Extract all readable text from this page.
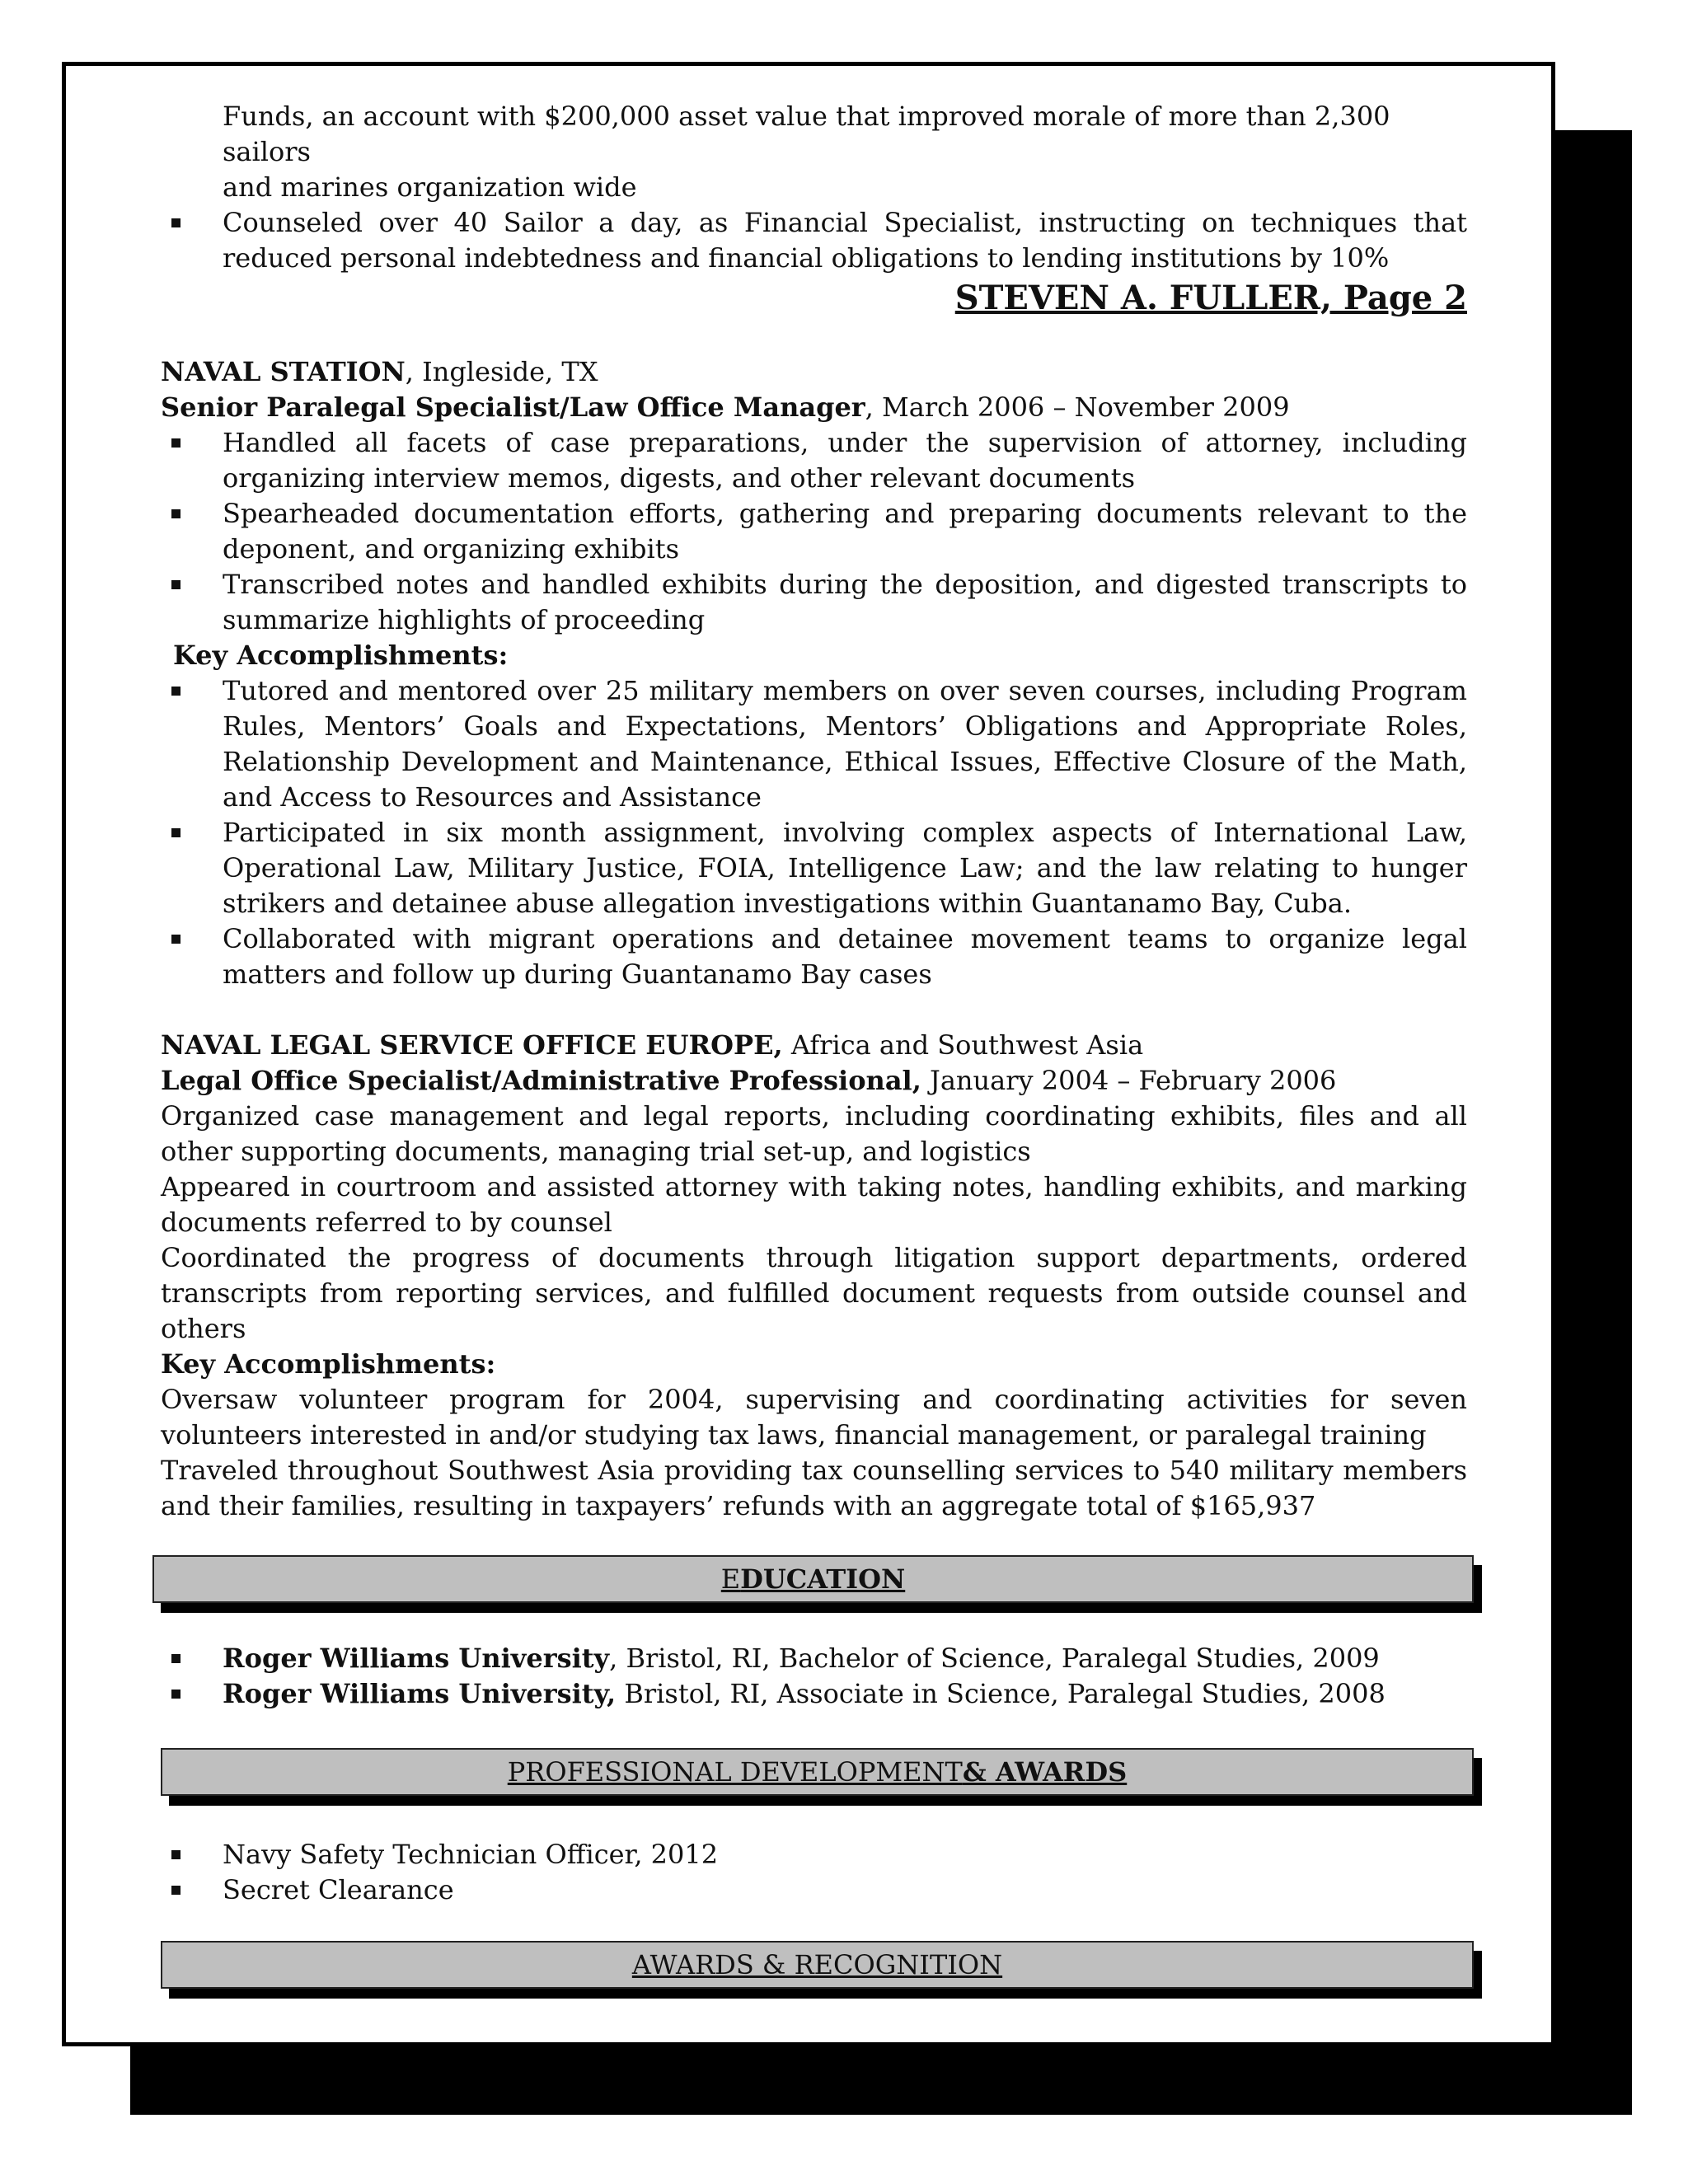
Funds, an account with $200,000 asset value that improved morale of more than 2,300 sailors
and marines organization wide
Counseled over 40 Sailor a day, as Financial Specialist, instructing on techniques that reduced personal indebtedness and financial obligations to lending institutions by 10%
STEVEN A. FULLER, Page 2
NAVAL STATION, Ingleside, TX
Senior Paralegal Specialist/Law Office Manager, March 2006 – November 2009
Handled all facets of case preparations, under the supervision of attorney, including organizing interview memos, digests, and other relevant documents
Spearheaded documentation efforts, gathering and preparing documents relevant to the deponent, and organizing exhibits
Transcribed notes and handled exhibits during the deposition, and digested transcripts to summarize highlights of proceeding
Key Accomplishments:
Tutored and mentored over 25 military members on over seven courses, including Program Rules, Mentors’ Goals and Expectations, Mentors’ Obligations and Appropriate Roles, Relationship Development and Maintenance, Ethical Issues, Effective Closure of the Math, and Access to Resources and Assistance
Participated in six month assignment, involving complex aspects of International Law, Operational Law, Military Justice, FOIA, Intelligence Law; and the law relating to hunger strikers and detainee abuse allegation investigations within Guantanamo Bay, Cuba.
Collaborated with migrant operations and detainee movement teams to organize legal matters and follow up during Guantanamo Bay cases
NAVAL LEGAL SERVICE OFFICE EUROPE, Africa and Southwest Asia
Legal Office Specialist/Administrative Professional, January 2004 – February 2006
Organized case management and legal reports, including coordinating exhibits, files and all other supporting documents, managing trial set-up, and logistics
Appeared in courtroom and assisted attorney with taking notes, handling exhibits, and marking documents referred to by counsel
Coordinated the progress of documents through litigation support departments, ordered transcripts from reporting services, and fulfilled document requests from outside counsel and others
Key Accomplishments:
Oversaw volunteer program for 2004, supervising and coordinating activities for seven volunteers interested in and/or studying tax laws, financial management, or paralegal training
Traveled throughout Southwest Asia providing tax counselling services to 540 military members and their families, resulting in taxpayers’ refunds with an aggregate total of $165,937
E DUCATION
Roger Williams University, Bristol, RI, Bachelor of Science, Paralegal Studies, 2009
Roger Williams University, Bristol, RI, Associate in Science, Paralegal Studies, 2008
PROFESSIONAL DEVELOPMENT & AWARDS
Navy Safety Technician Officer, 2012
Secret Clearance
AWARDS & RECOGNITION
